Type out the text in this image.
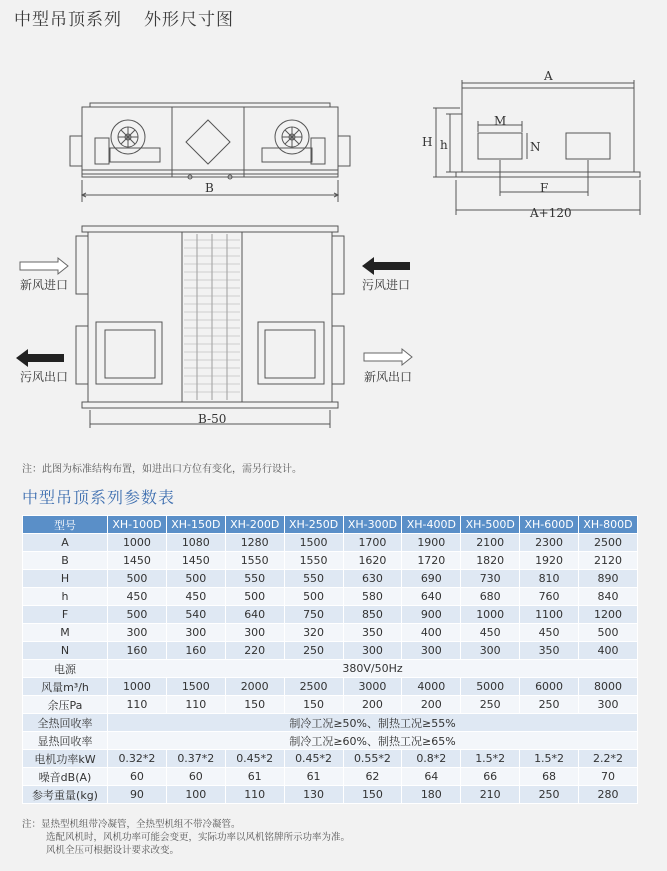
中型吊顶系列 外形尺寸图
B
A
H h
M
N
F
A+120
B-50
新风进口	污风进口
污风出口	新风出口
注：此图为标准结构布置，如进出口方位有变化，需另行设计。
中型吊顶系列参数表
型号	XH-100D	XH-150D	XH-200D	XH-250D	XH-300D	XH-400D	XH-500D	XH-600D	XH-800D
A	1000	1080	1280	1500	1700	1900	2100	2300	2500
B	1450	1450	1550	1550	1620	1720	1820	1920	2120
H	500	500	550	550	630	690	730	810	890
h	450	450	500	500	580	640	680	760	840
F	500	540	640	750	850	900	1000	1100	1200
M	300	300	300	320	350	400	450	450	500
N	160	160	220	250	300	300	300	350	400
电源	380V/50Hz								
风量m³/h	1000	1500	2000	2500	3000	4000	5000	6000	8000
余压Pa	110	110	150	150	200	200	250	250	300
全热回收率	制冷工况≥50%、制热工况≥55%								
显热回收率	制冷工况≥60%、制热工况≥65%								
电机功率kW	0.32*2	0.37*2	0.45*2	0.45*2	0.55*2	0.8*2	1.5*2	1.5*2	2.2*2
噪音dB(A)	60	60	61	61	62	64	66	68	70
参考重量(kg)	90	100	110	130	150	180	210	250	280
注：显热型机组带冷凝管，全热型机组不带冷凝管。
选配风机时，风机功率可能会变更，实际功率以风机铭牌所示功率为准。
风机全压可根据设计要求改变。
